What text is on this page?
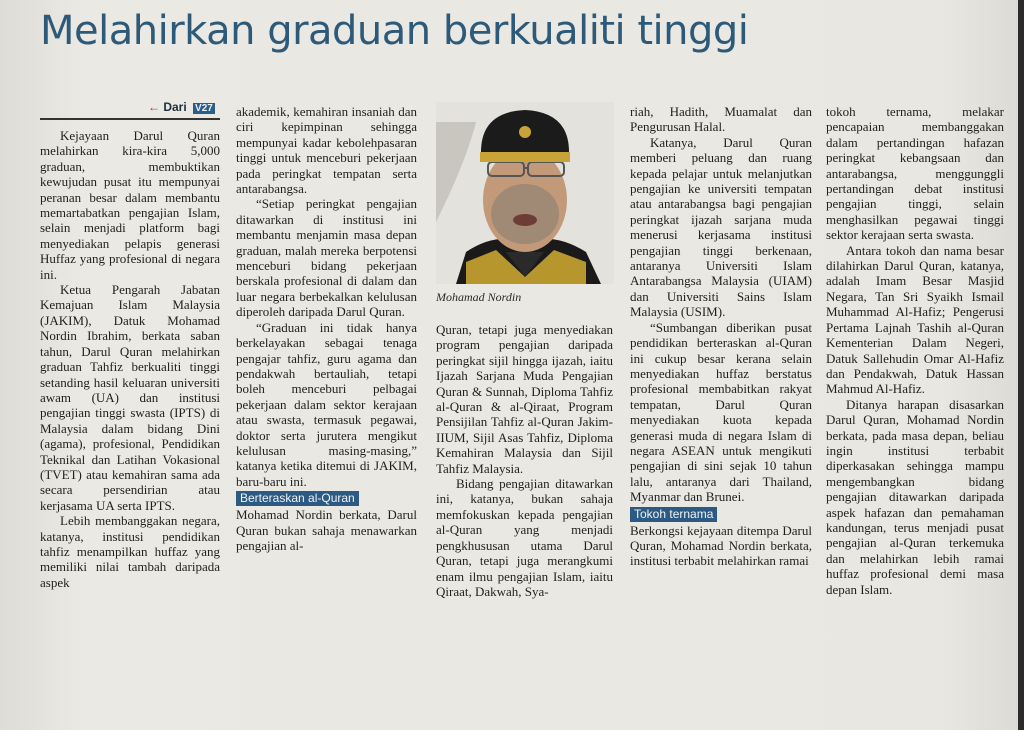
Melahirkan graduan berkualiti tinggi
← Dari V27

Kejayaan Darul Quran melahirkan kira-kira 5,000 graduan, membuktikan kewujudan pusat itu mempunyai peranan besar dalam membantu memartabatkan pengajian Islam, selain menjadi platform bagi menyediakan pelapis generasi Huffaz yang profesional di negara ini.

Ketua Pengarah Jabatan Kemajuan Islam Malaysia (JAKIM), Datuk Mohamad Nordin Ibrahim, berkata saban tahun, Darul Quran melahirkan graduan Tahfiz berkualiti tinggi setanding hasil keluaran universiti awam (UA) dan institusi pengajian tinggi swasta (IPTS) di Malaysia dalam bidang Dini (agama), profesional, Pendidikan Teknikal dan Latihan Vokasional (TVET) atau kemahiran sama ada secara persendirian atau kerjasama UA serta IPTS.

Lebih membanggakan negara, katanya, institusi pendidikan tahfiz menampilkan huffaz yang memiliki nilai tambah daripada aspek

akademik, kemahiran insaniah dan ciri kepimpinan sehingga mempunyai kadar kebolehpasaran tinggi untuk menceburi pekerjaan pada peringkat tempatan serta antarabangsa.

“Setiap peringkat pengajian ditawarkan di institusi ini membantu menjamin masa depan graduan, malah mereka berpotensi menceburi bidang pekerjaan berskala profesional di dalam dan luar negara berbekalkan kelulusan diperoleh daripada Darul Quran.

“Graduan ini tidak hanya berkelayakan sebagai tenaga pengajar tahfiz, guru agama dan pendakwah bertauliah, tetapi boleh menceburi pelbagai pekerjaan dalam sektor kerajaan atau swasta, termasuk pegawai, doktor serta jurutera mengikut kelulusan masing-masing,” katanya ketika ditemui di JAKIM, baru-baru ini.

Berteraskan al-Quran

Mohamad Nordin berkata, Darul Quran bukan sahaja menawarkan pengajian al-

Mohamad Nordin

Quran, tetapi juga menyediakan program pengajian daripada peringkat sijil hingga ijazah, iaitu Ijazah Sarjana Muda Pengajian Quran & Sunnah, Diploma Tahfiz al-Quran & al-Qiraat, Program Pensijilan Tahfiz al-Quran Jakim-IIUM, Sijil Asas Tahfiz, Diploma Kemahiran Malaysia dan Sijil Tahfiz Malaysia.

Bidang pengajian ditawarkan ini, katanya, bukan sahaja memfokuskan kepada pengajian al-Quran yang menjadi pengkhususan utama Darul Quran, tetapi juga merangkumi enam ilmu pengajian Islam, iaitu Qiraat, Dakwah, Sya-

riah, Hadith, Muamalat dan Pengurusan Halal.

Katanya, Darul Quran memberi peluang dan ruang kepada pelajar untuk melanjutkan pengajian ke universiti tempatan atau antarabangsa bagi pengajian peringkat ijazah sarjana muda menerusi kerjasama institusi pengajian tinggi berkenaan, antaranya Universiti Islam Antarabangsa Malaysia (UIAM) dan Universiti Sains Islam Malaysia (USIM).

“Sumbangan diberikan pusat pendidikan berteraskan al-Quran ini cukup besar kerana selain menyediakan huffaz berstatus profesional membabitkan rakyat tempatan, Darul Quran menyediakan kuota kepada generasi muda di negara Islam di negara ASEAN untuk mengikuti pengajian di sini sejak 10 tahun lalu, antaranya dari Thailand, Myanmar dan Brunei.

Tokoh ternama

Berkongsi kejayaan ditempa Darul Quran, Mohamad Nordin berkata, institusi terbabit melahirkan ramai

tokoh ternama, melakar pencapaian membanggakan dalam pertandingan hafazan peringkat kebangsaan dan antarabangsa, menggunggli pertandingan debat institusi pengajian tinggi, selain menghasilkan pegawai tinggi sektor kerajaan serta swasta.

Antara tokoh dan nama besar dilahirkan Darul Quran, katanya, adalah Imam Besar Masjid Negara, Tan Sri Syaikh Ismail Muhammad Al-Hafiz; Pengerusi Pertama Lajnah Tashih al-Quran Kementerian Dalam Negeri, Datuk Sallehudin Omar Al-Hafiz dan Pendakwah, Datuk Hassan Mahmud Al-Hafiz.

Ditanya harapan disasarkan Darul Quran, Mohamad Nordin berkata, pada masa depan, beliau ingin institusi terbabit diperkasakan sehingga mampu mengembangkan bidang pengajian ditawarkan daripada aspek hafazan dan pemahaman kandungan, terus menjadi pusat pengajian al-Quran terkemuka dan melahirkan lebih ramai huffaz profesional demi masa depan Islam.
